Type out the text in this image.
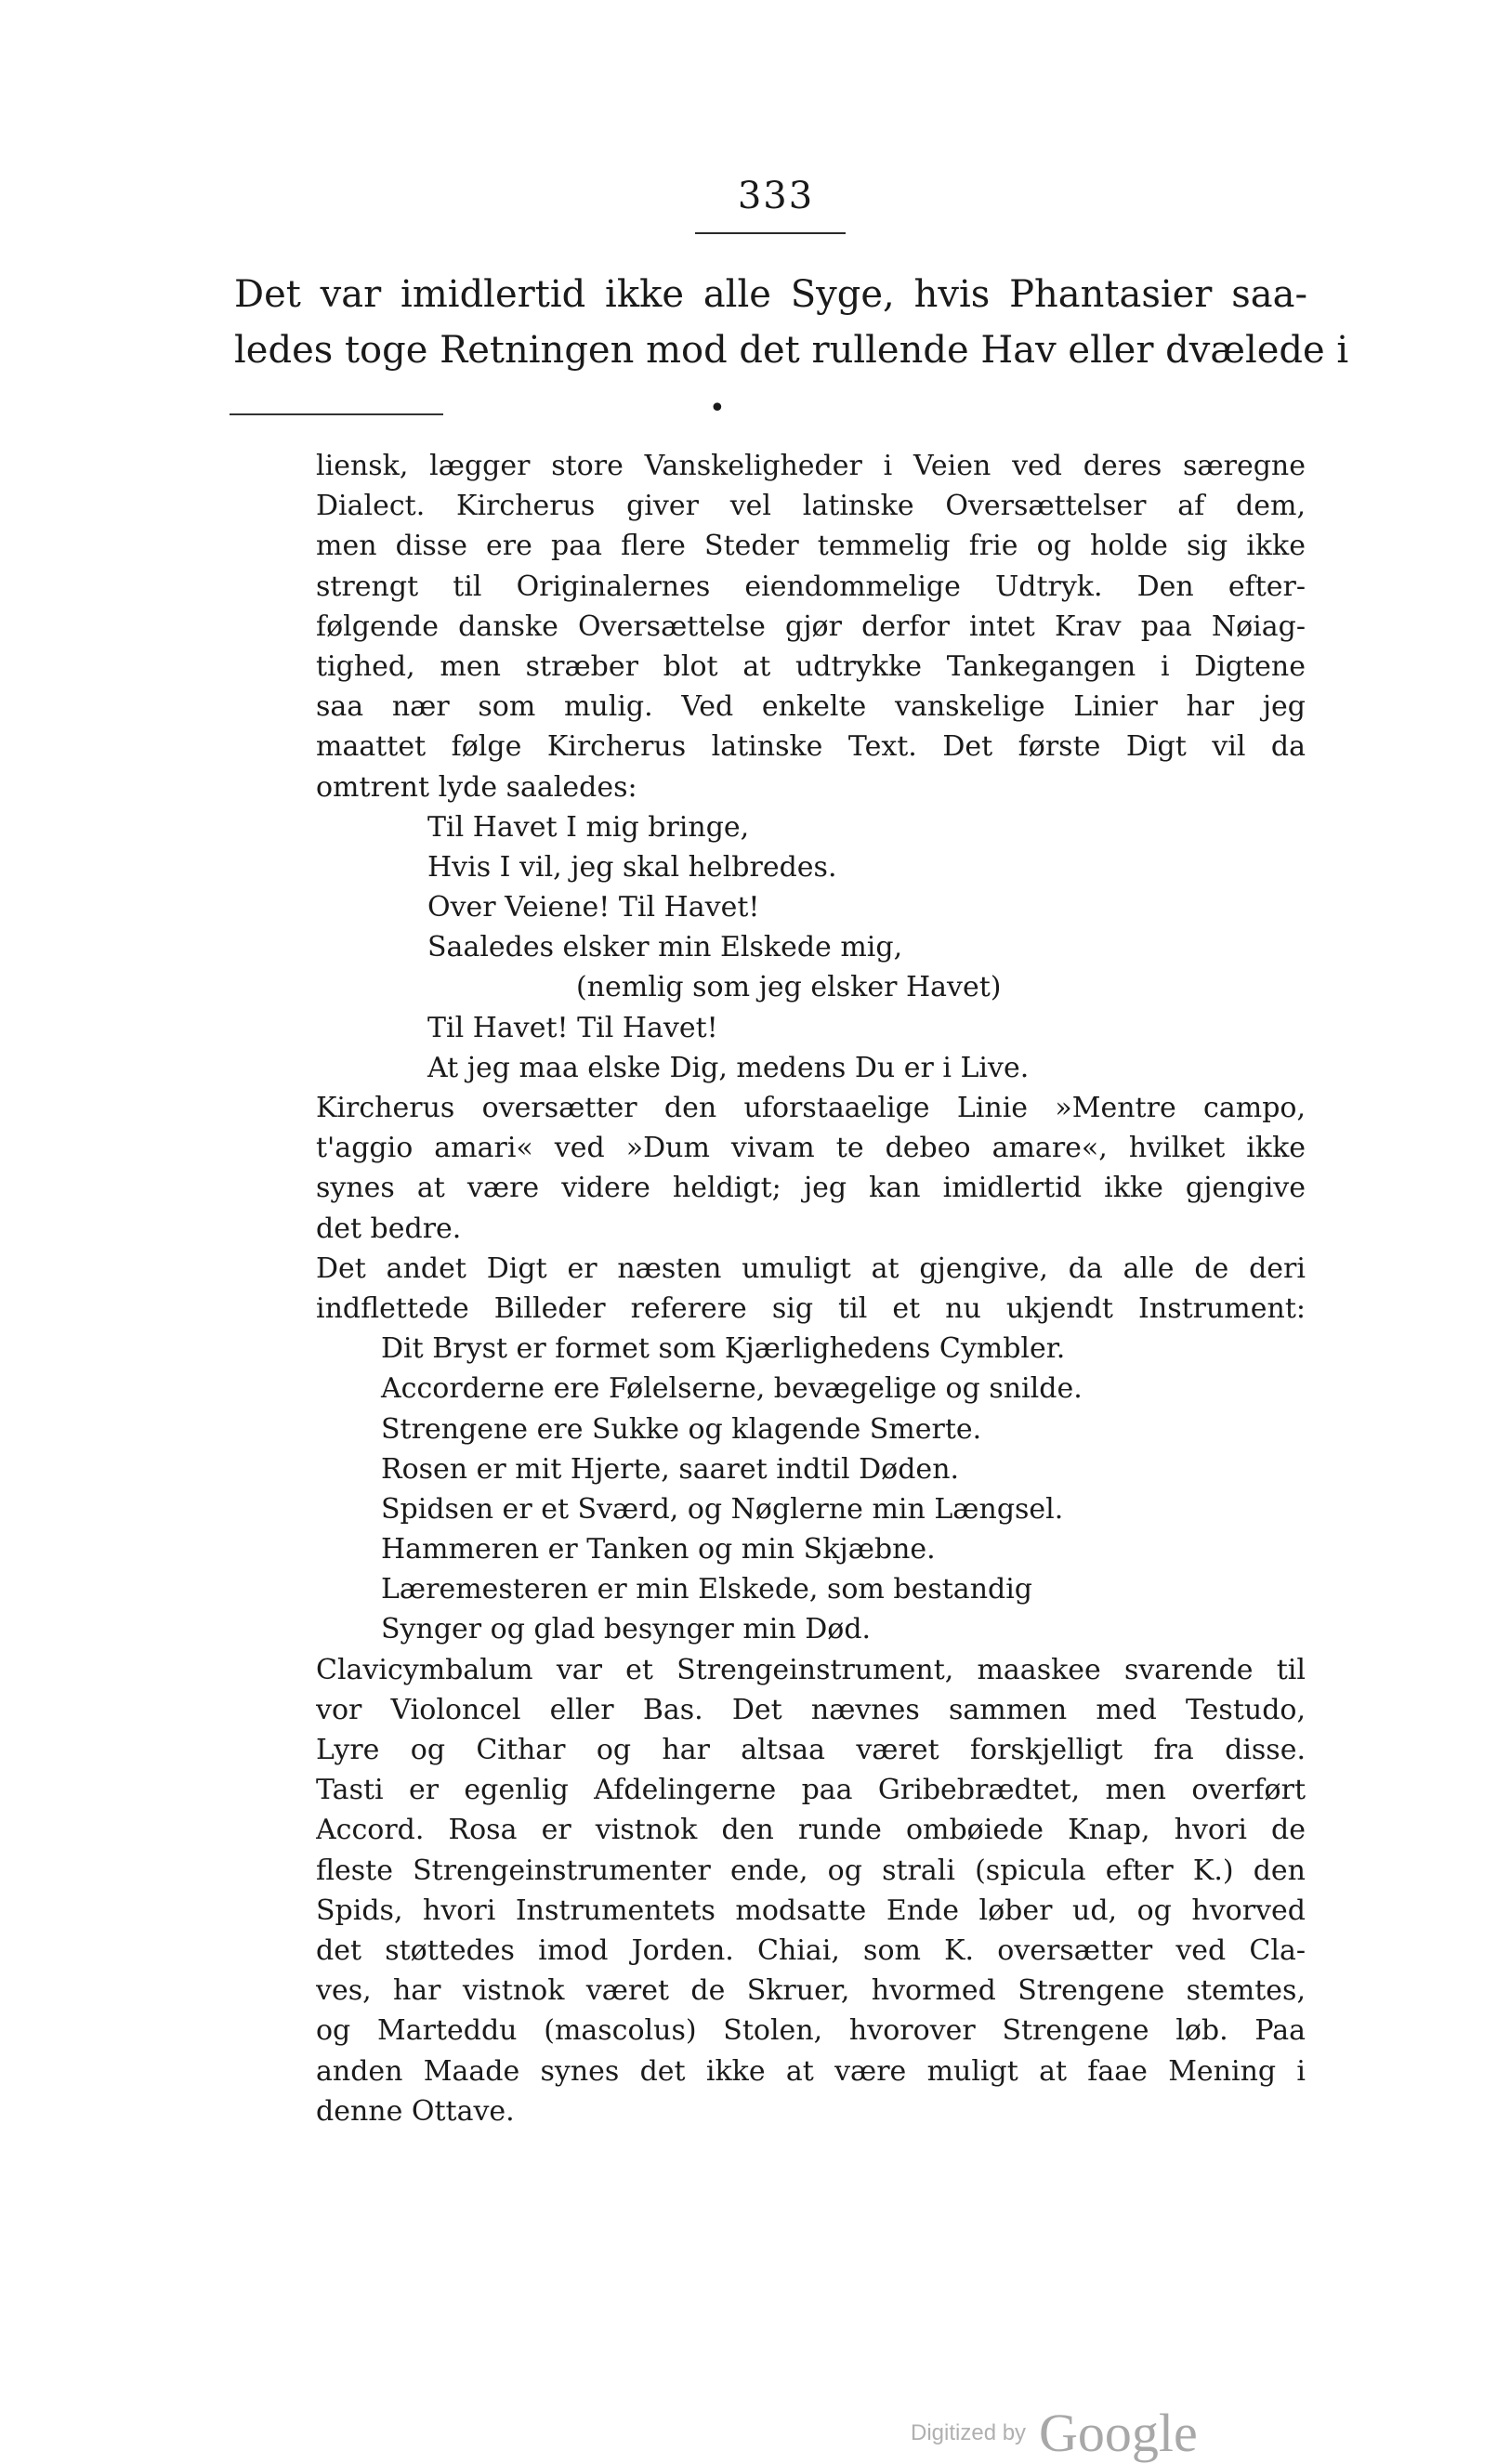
333
Det var imidlertid ikke alle Syge, hvis Phantasier saa-
ledes toge Retningen mod det rullende Hav eller dvælede i
•
liensk, lægger store Vanskeligheder i Veien ved deres særegne
Dialect. Kircherus giver vel latinske Oversættelser af dem,
men disse ere paa flere Steder temmelig frie og holde sig ikke
strengt til Originalernes eiendommelige Udtryk. Den efter-
følgende danske Oversættelse gjør derfor intet Krav paa Nøiag-
tighed, men stræber blot at udtrykke Tankegangen i Digtene
saa nær som mulig. Ved enkelte vanskelige Linier har jeg
maattet følge Kircherus latinske Text. Det første Digt vil da
omtrent lyde saaledes:
Til Havet I mig bringe,
Hvis I vil, jeg skal helbredes.
Over Veiene! Til Havet!
Saaledes elsker min Elskede mig,
(nemlig som jeg elsker Havet)
Til Havet! Til Havet!
At jeg maa elske Dig, medens Du er i Live.
Kircherus oversætter den uforstaaelige Linie »Mentre campo,
t'aggio amari« ved »Dum vivam te debeo amare«, hvilket ikke
synes at være videre heldigt; jeg kan imidlertid ikke gjengive
det bedre.
Det andet Digt er næsten umuligt at gjengive, da alle de deri
indflettede Billeder referere sig til et nu ukjendt Instrument:
Dit Bryst er formet som Kjærlighedens Cymbler.
Accorderne ere Følelserne, bevægelige og snilde.
Strengene ere Sukke og klagende Smerte.
Rosen er mit Hjerte, saaret indtil Døden.
Spidsen er et Sværd, og Nøglerne min Længsel.
Hammeren er Tanken og min Skjæbne.
Læremesteren er min Elskede, som bestandig
Synger og glad besynger min Død.
Clavicymbalum var et Strengeinstrument, maaskee svarende til
vor Violoncel eller Bas. Det nævnes sammen med Testudo,
Lyre og Cithar og har altsaa været forskjelligt fra disse.
Tasti er egenlig Afdelingerne paa Gribebrædtet, men overført
Accord. Rosa er vistnok den runde ombøiede Knap, hvori de
fleste Strengeinstrumenter ende, og strali (spicula efter K.) den
Spids, hvori Instrumentets modsatte Ende løber ud, og hvorved
det støttedes imod Jorden. Chiai, som K. oversætter ved Cla-
ves, har vistnok været de Skruer, hvormed Strengene stemtes,
og Marteddu (mascolus) Stolen, hvorover Strengene løb. Paa
anden Maade synes det ikke at være muligt at faae Mening i
denne Ottave.
Digitized by Google
